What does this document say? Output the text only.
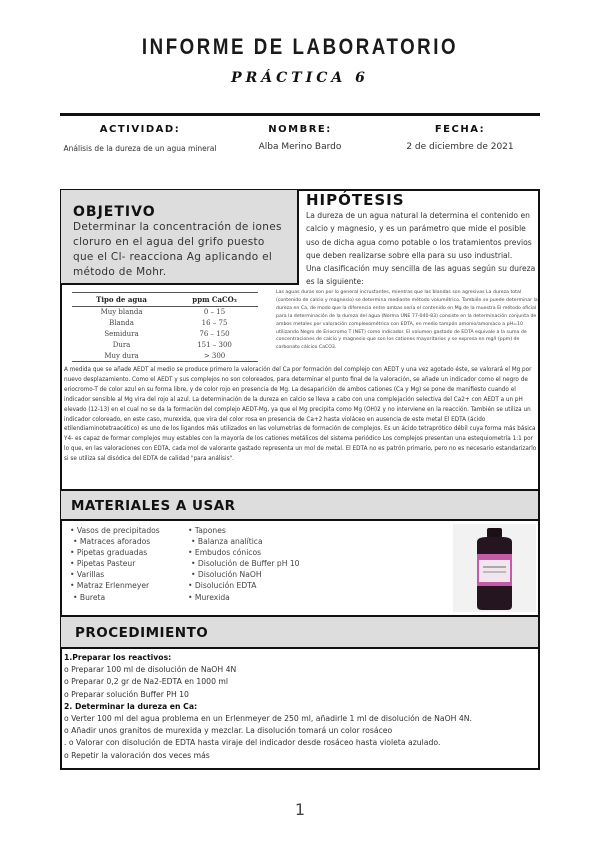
INFORME DE LABORATORIO
PRÁCTICA 6
ACTIVIDAD:
Análisis de la dureza de un agua mineral
NOMBRE:
Alba Merino Bardo
FECHA:
2 de diciembre de 2021
OBJETIVO

Determinar la concentración de iones cloruro en el agua del grifo puesto que el Cl- reacciona Ag aplicando el método de Mohr.

HIPÓTESIS

La dureza de un agua natural la determina el contenido en calcio y magnesio, y es un parámetro que mide el posible uso de dicha agua como potable o los tratamientos previos que deben realizarse sobre ella para su uso industrial.

Una clasificación muy sencilla de las aguas según su dureza es la siguiente:

Tipo de agua	ppm CaCO₃
Muy blanda	0 – 15
Blanda	16 – 75
Semidura	76 – 150
Dura	151 – 300
Muy dura	> 300
Las aguas duras son por lo general incrustantes, mientras que las blandas son agresivas La dureza total (contenido de calcio y magnesio) se determina mediante método volumétrico. También se puede determinar la dureza en Ca, de modo que la diferencia entre ambas sería el contenido en Mg de la muestra El método oficial para la determinación de la dureza del agua (Norma UNE 77-040-83) consiste en la determinación conjunta de ambos metales por valoración complexométrica con EDTA, en medio tampón amonio/amoníaco a pH=10 utilizando Negro de Eriocromo T (NET) como indicador. El volumen gastado de EDTA equivale a la suma de concentraciones de calcio y magnesio que son los cationes mayoritarios y se expresa en mg/l (ppm) de carbonato cálcico CaCO3.
A medida que se añade AEDT al medio se produce primero la valoración del Ca por formación del complejo con AEDT y una vez agotado éste, se valorará el Mg por nuevo desplazamiento. Como el AEDT y sus complejos no son coloreados, para determinar el punto final de la valoración, se añade un indicador como el negro de eriocromo-T de color azul en su forma libre, y de color rojo en presencia de Mg. La desaparición de ambos cationes (Ca y Mg) se pone de manifiesto cuando el indicador sensible al Mg vira del rojo al azul. La determinación de la dureza en calcio se lleva a cabo con una complejación selectiva del Ca2+ con AEDT a un pH elevado (12-13) en el cual no se da la formación del complejo AEDT-Mg, ya que el Mg precipita como Mg (OH)2 y no interviene en la reacción. También se utiliza un indicador coloreado, en este caso, murexida, que vira del color rosa en presencia de Ca+2 hasta violáceo en ausencia de este metal El EDTA (ácido etilendiaminotetraacético) es uno de los ligandos más utilizados en las volumetrías de formación de complejos. Es un ácido tetraprótico débil cuya forma más básica Y4- es capaz de formar complejos muy estables con la mayoría de los cationes metálicos del sistema periódico Los complejos presentan una estequiometría 1:1 por lo que, en las valoraciones con EDTA, cada mol de valorante gastado representa un mol de metal. El EDTA no es patrón primario, pero no es necesario estandarizarlo si se utiliza sal disódica del EDTA de calidad "para análisis".
MATERIALES A USAR
• Vasos de precipitados
• Matraces aforados
• Pipetas graduadas
• Pipetas Pasteur
• Varillas
• Matraz Erlenmeyer
• Bureta
• Tapones
• Balanza analítica
• Embudos cónicos
• Disolución de Buffer pH 10
• Disolución NaOH
• Disolución EDTA
• Murexida
PROCEDIMIENTO
1.Preparar los reactivos:
o Preparar 100 ml de disolución de NaOH 4N
o Preparar 0,2 gr de Na2-EDTA en 1000 ml
o Preparar solución Buffer PH 10
2. Determinar la dureza en Ca:
o Verter 100 ml del agua problema en un Erlenmeyer de 250 ml, añadirle 1 ml de disolución de NaOH 4N.
o Añadir unos granitos de murexida y mezclar. La disolución tomará un color rosáceo
. o Valorar con disolución de EDTA hasta viraje del indicador desde rosáceo hasta violeta azulado.
o Repetir la valoración dos veces más
1
